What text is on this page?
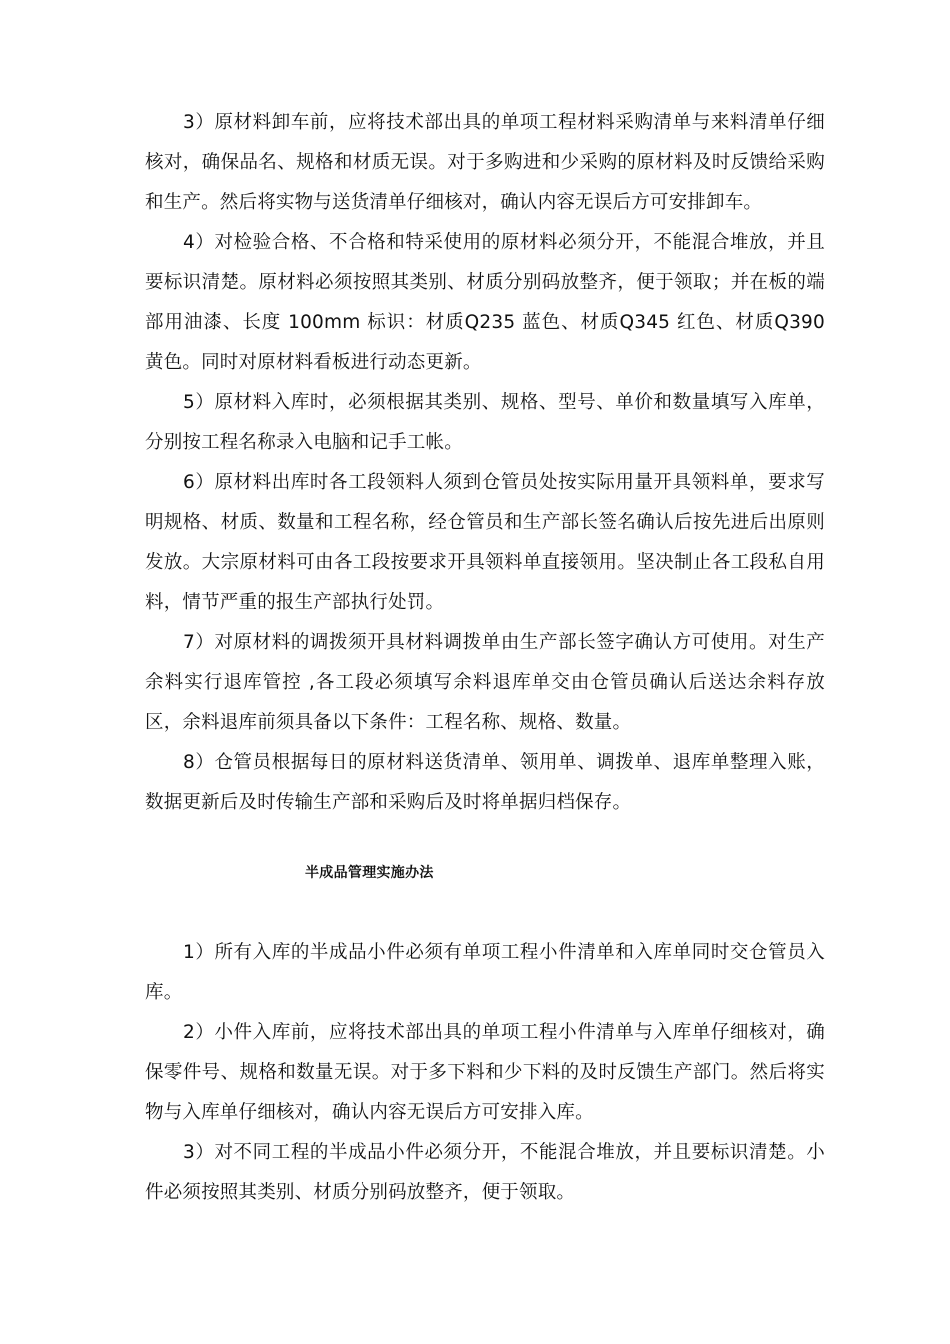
3）原材料卸车前，应将技术部出具的单项工程材料采购清单与来料清单仔细核对，确保品名、规格和材质无误。对于多购进和少采购的原材料及时反馈给采购和生产。然后将实物与送货清单仔细核对，确认内容无误后方可安排卸车。

4）对检验合格、不合格和特采使用的原材料必须分开，不能混合堆放，并且要标识清楚。原材料必须按照其类别、材质分别码放整齐，便于领取；并在板的端部用油漆、长度 100mm 标识：材质Q235 蓝色、材质Q345 红色、材质Q390 黄色。同时对原材料看板进行动态更新。

5）原材料入库时，必须根据其类别、规格、型号、单价和数量填写入库单，分别按工程名称录入电脑和记手工帐。

6）原材料出库时各工段领料人须到仓管员处按实际用量开具领料单，要求写明规格、材质、数量和工程名称，经仓管员和生产部长签名确认后按先进后出原则发放。大宗原材料可由各工段按要求开具领料单直接领用。坚决制止各工段私自用料，情节严重的报生产部执行处罚。

7）对原材料的调拨须开具材料调拨单由生产部长签字确认方可使用。对生产余料实行退库管控 ,各工段必须填写余料退库单交由仓管员确认后送达余料存放区，余料退库前须具备以下条件：工程名称、规格、数量。

8）仓管员根据每日的原材料送货清单、领用单、调拨单、退库单整理入账，数据更新后及时传输生产部和采购后及时将单据归档保存。

半成品管理实施办法

1）所有入库的半成品小件必须有单项工程小件清单和入库单同时交仓管员入库。

2）小件入库前，应将技术部出具的单项工程小件清单与入库单仔细核对，确保零件号、规格和数量无误。对于多下料和少下料的及时反馈生产部门。然后将实物与入库单仔细核对，确认内容无误后方可安排入库。

3）对不同工程的半成品小件必须分开，不能混合堆放，并且要标识清楚。小件必须按照其类别、材质分别码放整齐，便于领取。
